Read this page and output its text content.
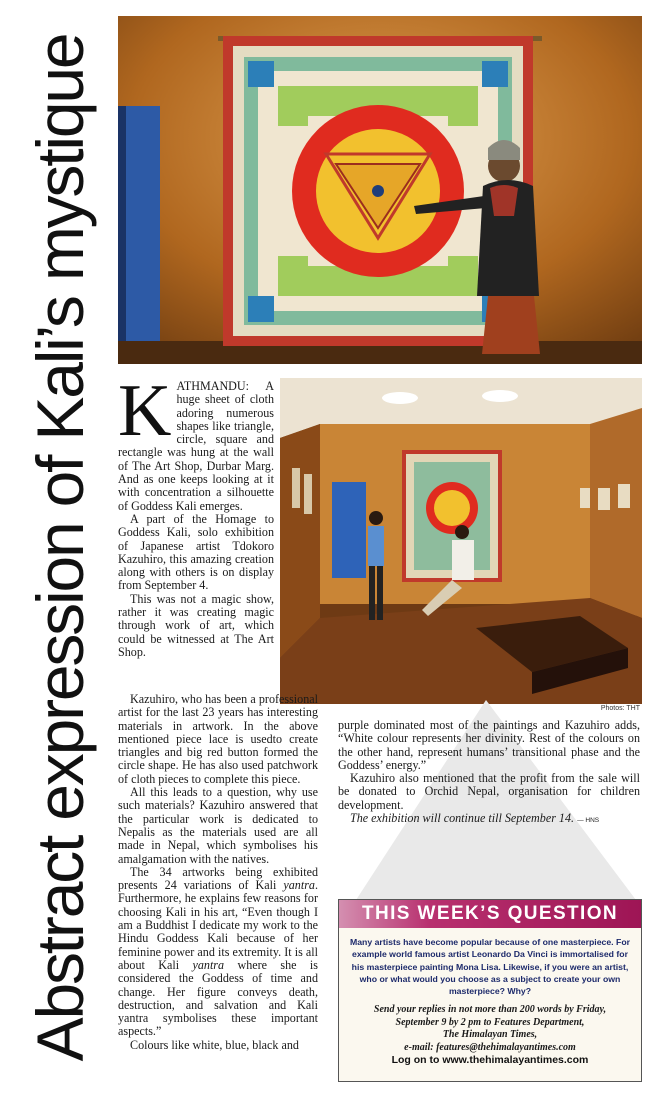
Abstract expression of Kali’s mystique	Photos: THT

KATHMANDU: A huge sheet of cloth adoring numerous shapes like triangle, circle, square and rectangle was hung at the wall of The Art Shop, Durbar Marg. And as one keeps looking at it with concentration a silhouette of Goddess Kali emerges.

A part of the Homage to Goddess Kali, solo exhibition of Japanese artist Tdokoro Kazuhiro, this amazing creation along with others is on display from September 4.

This was not a magic show, rather it was creating magic through work of art, which could be witnessed at The Art Shop.

Kazuhiro, who has been a professional artist for the last 23 years has interesting materials in artwork. In the above mentioned piece lace is usedto create triangles and big red button formed the circle shape. He has also used patchwork of cloth pieces to complete this piece.

All this leads to a question, why use such materials? Kazuhiro answered that the particular work is dedicated to Nepalis as the materials used are all made in Nepal, which symbolises his amalgamation with the natives.

The 34 artworks being exhibited presents 24 variations of Kali yantra. Furthermore, he explains few reasons for choosing Kali in his art, “Even though I am a Buddhist I dedicate my work to the Hindu Goddess Kali because of her feminine power and its extremity. It is all about Kali yantra where she is considered the Goddess of time and change. Her figure conveys death, destruction, and salvation and Kali yantra symbolises these important aspects.”

Colours like white, blue, black and

purple dominated most of the paintings and Kazuhiro adds, “White colour represents her divinity. Rest of the colours on the other hand, represent humans’ transitional phase and the Goddess’ energy.”

Kazuhiro also mentioned that the profit from the sale will be donated to Orchid Nepal, organisation for children development.

The exhibition will continue till September 14. — HNS

THIS WEEK’S QUESTION
Many artists have become popular because of one masterpiece. For example world famous artist Leonardo Da Vinci is immortalised for his masterpiece painting Mona Lisa. Likewise, if you were an artist, who or what would you choose as a subject to create your own masterpiece? Why?
Send your replies in not more than 200 words by Friday,
September 9 by 2 pm to Features Department,
The Himalayan Times,
e-mail: features@thehimalayantimes.com
Log on to www.thehimalayantimes.com
